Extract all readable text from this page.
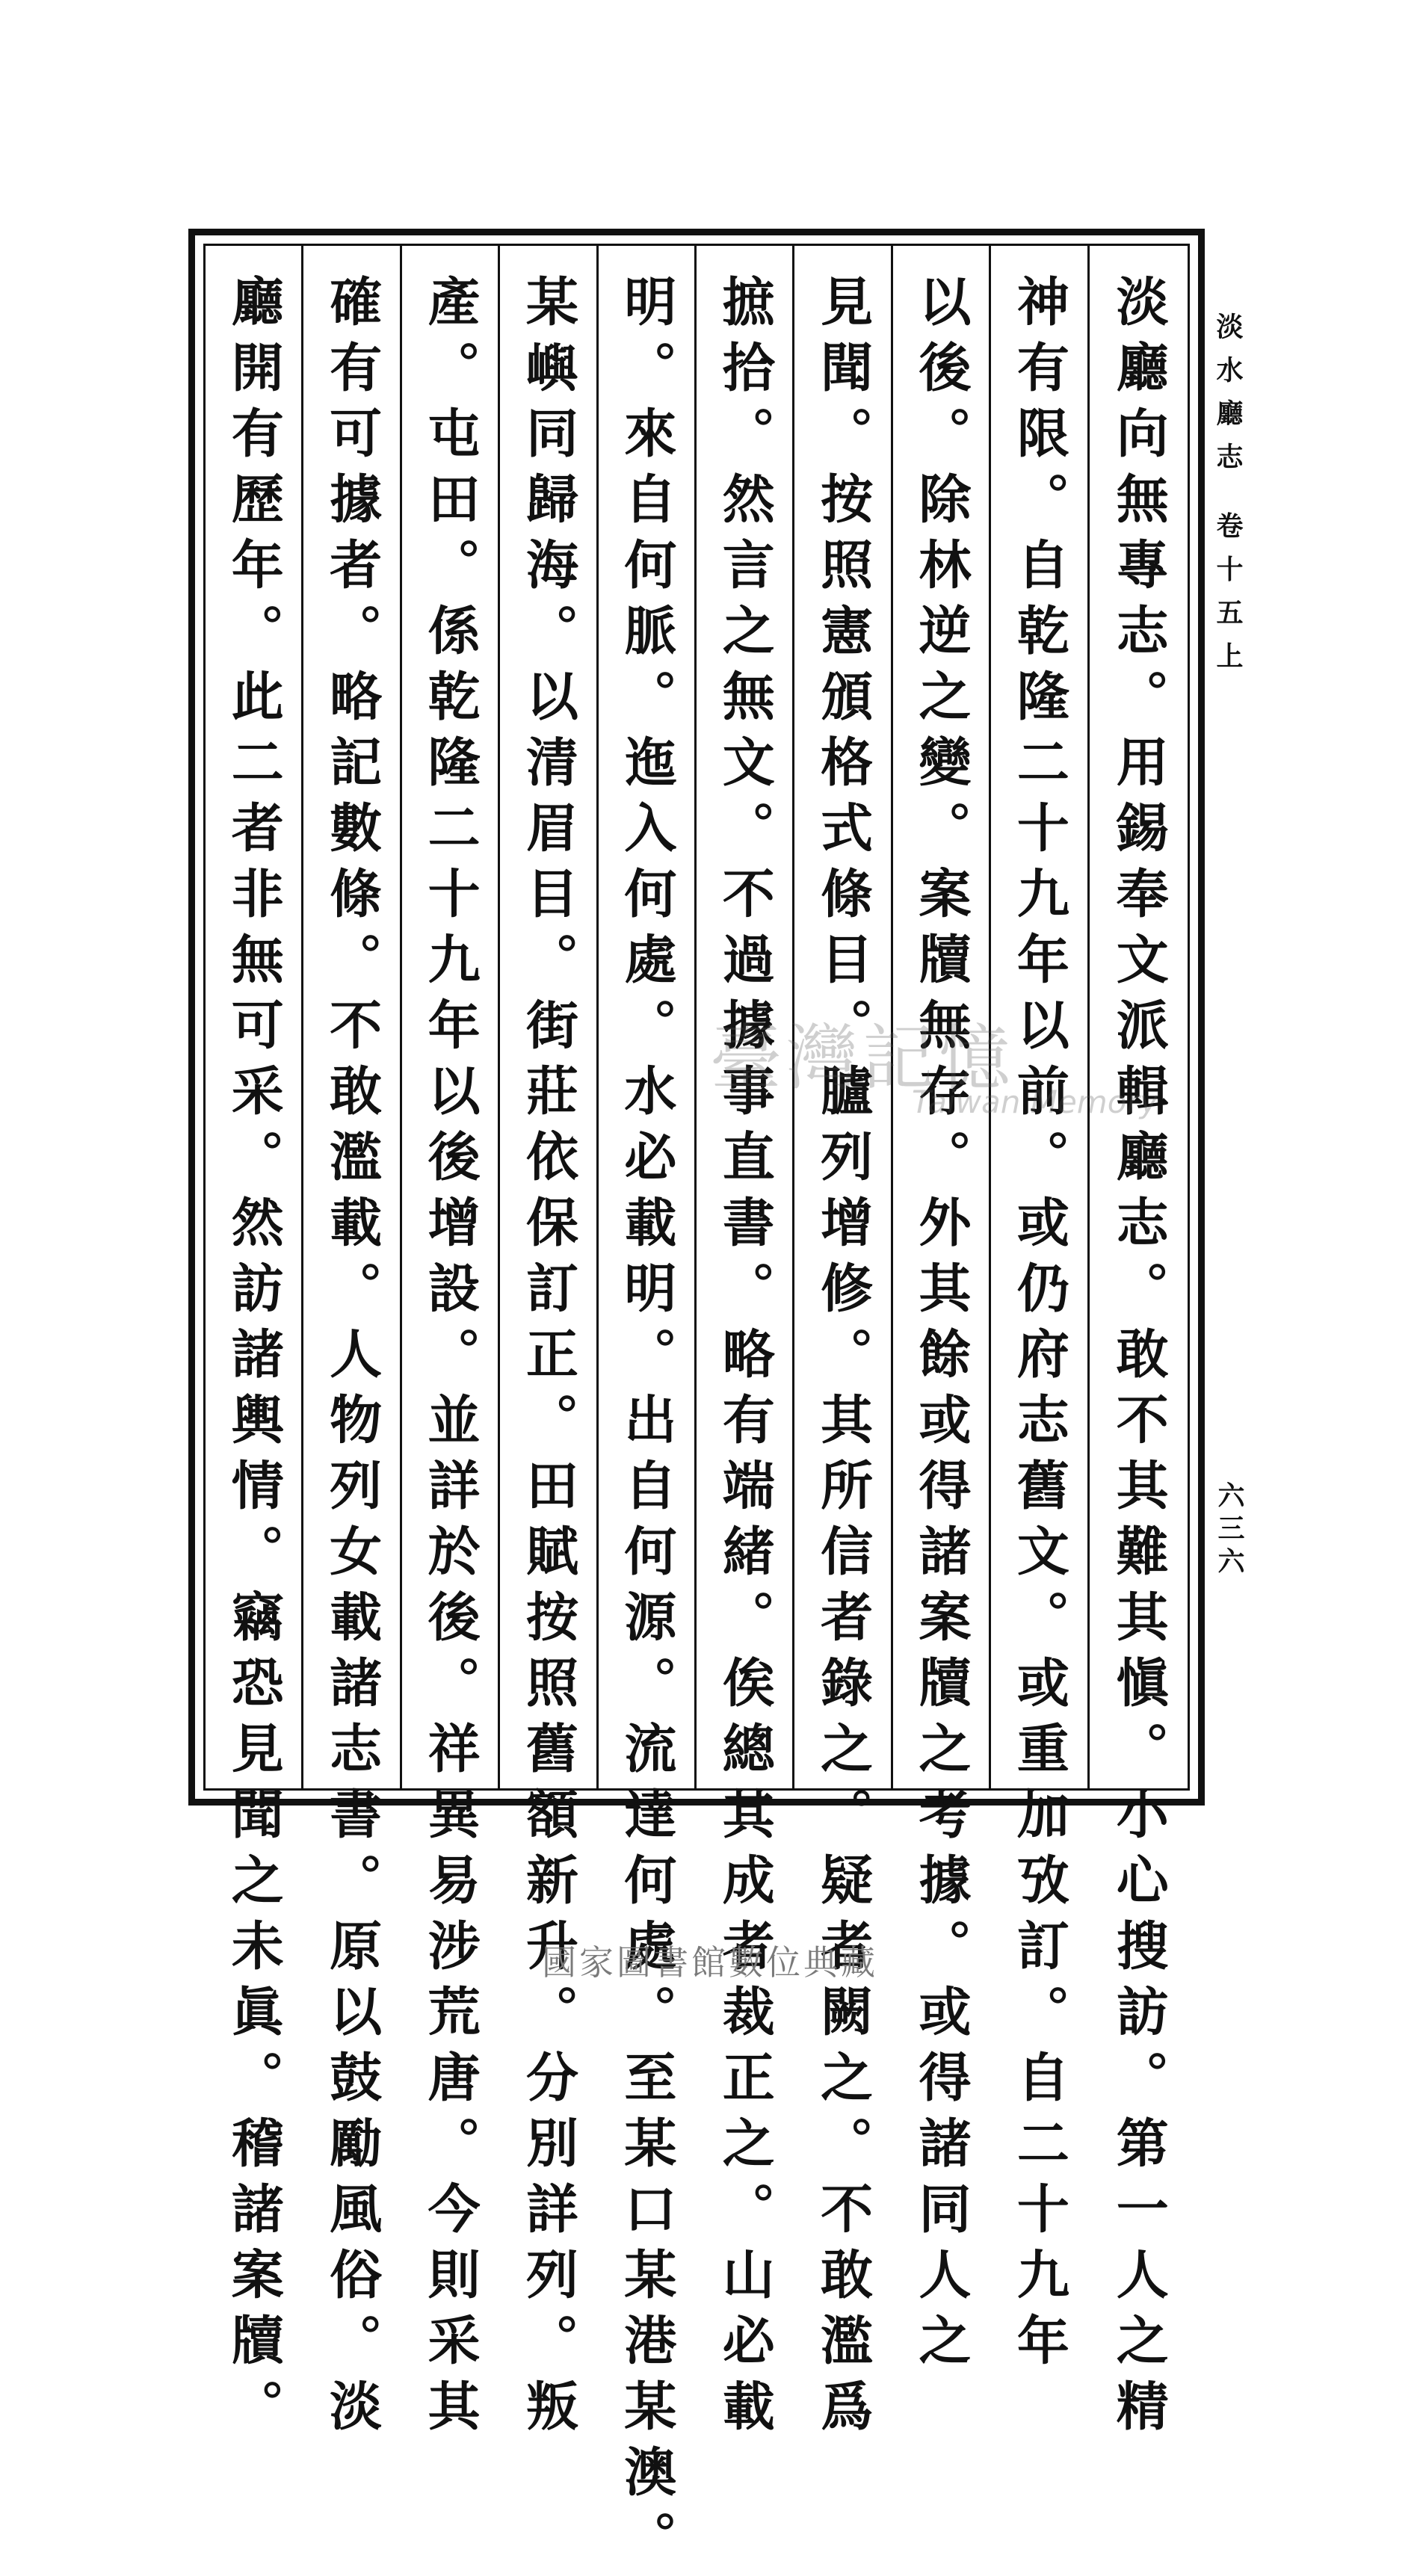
淡廳向無專志。用錫奉文派輯廳志。敢不其難其愼。小心搜訪。第一人之精
神有限。自乾隆二十九年以前。或仍府志舊文。或重加攷訂。自二十九年
以後。除林逆之變。案牘無存。外其餘或得諸案牘之考據。或得諸同人之
見聞。按照憲頒格式條目。臚列增修。其所信者錄之。疑者闕之。不敢濫爲
摭拾。然言之無文。不過據事直書。略有端緒。俟總其成者裁正之。山必載
明。來自何脈。迤入何處。水必載明。出自何源。流達何處。至某口某港某澳。
某嶼同歸海。以清眉目。街莊依保訂正。田賦按照舊額新升。分別詳列。叛
產。屯田。係乾隆二十九年以後增設。並詳於後。祥異易涉荒唐。今則采其
確有可據者。略記數條。不敢濫載。人物列女載諸志書。原以鼓勵風俗。淡
廳開有歷年。此二者非無可采。然訪諸輿情。竊恐見聞之未眞。稽諸案牘。	淡水廳志 卷十五上
六三六
臺灣記憶
Taiwan Memory
國家圖書館數位典藏
